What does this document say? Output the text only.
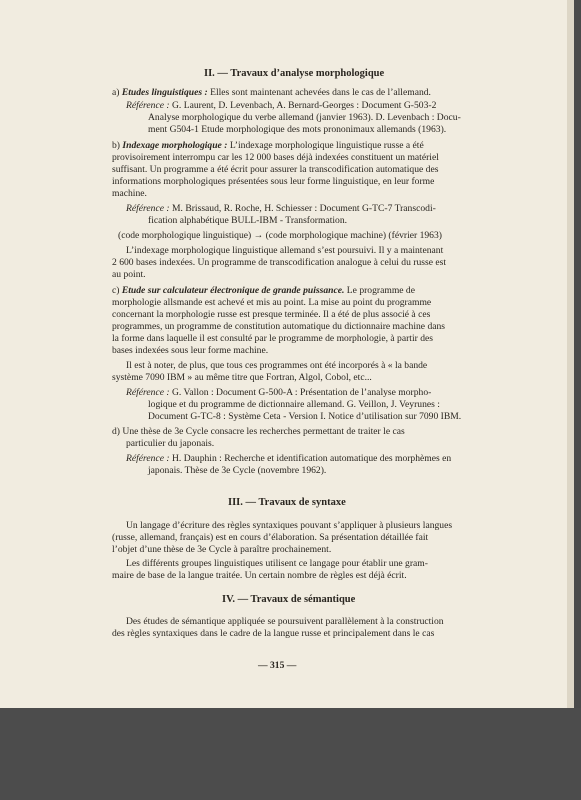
II. — Travaux d’analyse morphologique
a) Etudes linguistiques : Elles sont maintenant achevées dans le cas de l’allemand.
Référence : G. Laurent, D. Levenbach, A. Bernard-Georges : Document G-503-2
Analyse morphologique du verbe allemand (janvier 1963). D. Levenbach : Docu-
ment G504-1 Etude morphologique des mots prononimaux allemands (1963).
b) Indexage morphologique : L’indexage morphologique linguistique russe a été
provisoirement interrompu car les 12 000 bases déjà indexées constituent un matériel
suffisant. Un programme a été écrit pour assurer la transcodification automatique des
informations morphologiques présentées sous leur forme linguistique, en leur forme
machine.
Référence : M. Brissaud, R. Roche, H. Schiesser : Document G-TC-7 Transcodi-
fication alphabétique BULL-IBM - Transformation.
(code morphologique linguistique) → (code morphologique machine) (février 1963)
L’indexage morphologique linguistique allemand s’est poursuivi. Il y a maintenant
2 600 bases indexées. Un programme de transcodification analogue à celui du russe est
au point.
c) Etude sur calculateur électronique de grande puissance. Le programme de
morphologie allsmande est achevé et mis au point. La mise au point du programme
concernant la morphologie russe est presque terminée. Il a été de plus associé à ces
programmes, un programme de constitution automatique du dictionnaire machine dans
la forme dans laquelle il est consulté par le programme de morphologie, à partir des
bases indexées sous leur forme machine.
Il est à noter, de plus, que tous ces programmes ont été incorporés à « la bande
système 7090 IBM » au même titre que Fortran, Algol, Cobol, etc...
Référence : G. Vallon : Document G-500-A : Présentation de l’analyse morpho-
logique et du programme de dictionnaire allemand. G. Veillon, J. Veyrunes :
Document G-TC-8 : Système Ceta - Version I. Notice d’utilisation sur 7090 IBM.
d) Une thèse de 3e Cycle consacre les recherches permettant de traiter le cas
particulier du japonais.
Référence : H. Dauphin : Recherche et identification automatique des morphèmes en
japonais. Thèse de 3e Cycle (novembre 1962).
III. — Travaux de syntaxe
Un langage d’écriture des règles syntaxiques pouvant s’appliquer à plusieurs langues
(russe, allemand, français) est en cours d’élaboration. Sa présentation détaillée fait
l’objet d’une thèse de 3e Cycle à paraître prochainement.
Les différents groupes linguistiques utilisent ce langage pour établir une gram-
maire de base de la langue traitée. Un certain nombre de règles est déjà écrit.
IV. — Travaux de sémantique
Des études de sémantique appliquée se poursuivent parallèlement à la construction
des règles syntaxiques dans le cadre de la langue russe et principalement dans le cas
— 315 —
